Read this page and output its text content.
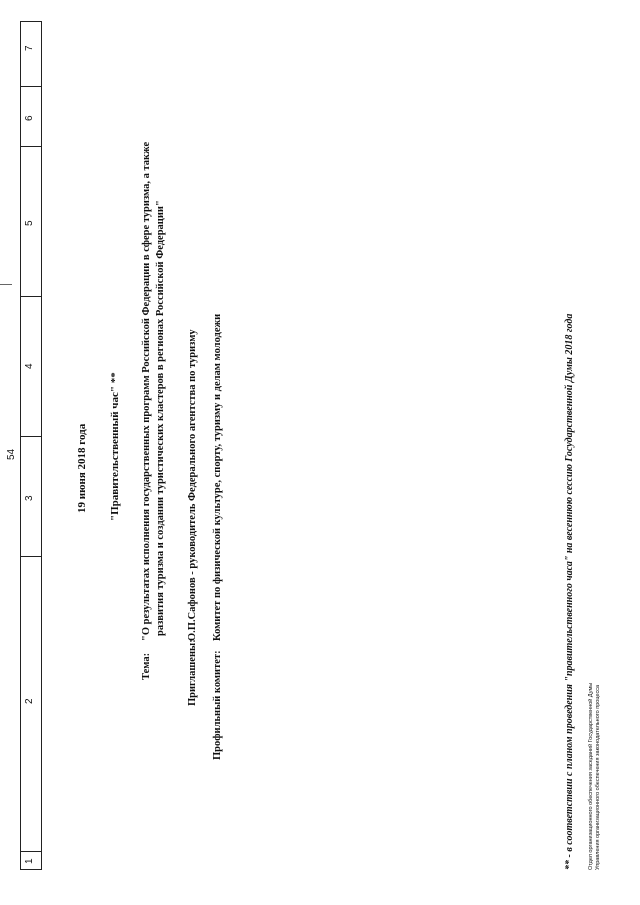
54
1
2
3
4
5
6
7
19 июня 2018 года "Правительственный час" **
Тема:
"О результатах исполнения государственных программ Российской Федерации в сфере туризма, а также развития туризма и создании туристических кластеров в регионах Российской Федерации"
Приглашены:
О.П.Сафонов - руководитель Федерального агентства по туризму
Профильный комитет:
Комитет по физической культуре, спорту, туризму и делам молодежи	** - в соответствии с планом проведения "правительственного часа" на весеннюю сессию Государственной Думы 2018 года Отдел организационного обеспечения заседаний Государственной Думы Управления организационного обеспечения законодательного процесса
